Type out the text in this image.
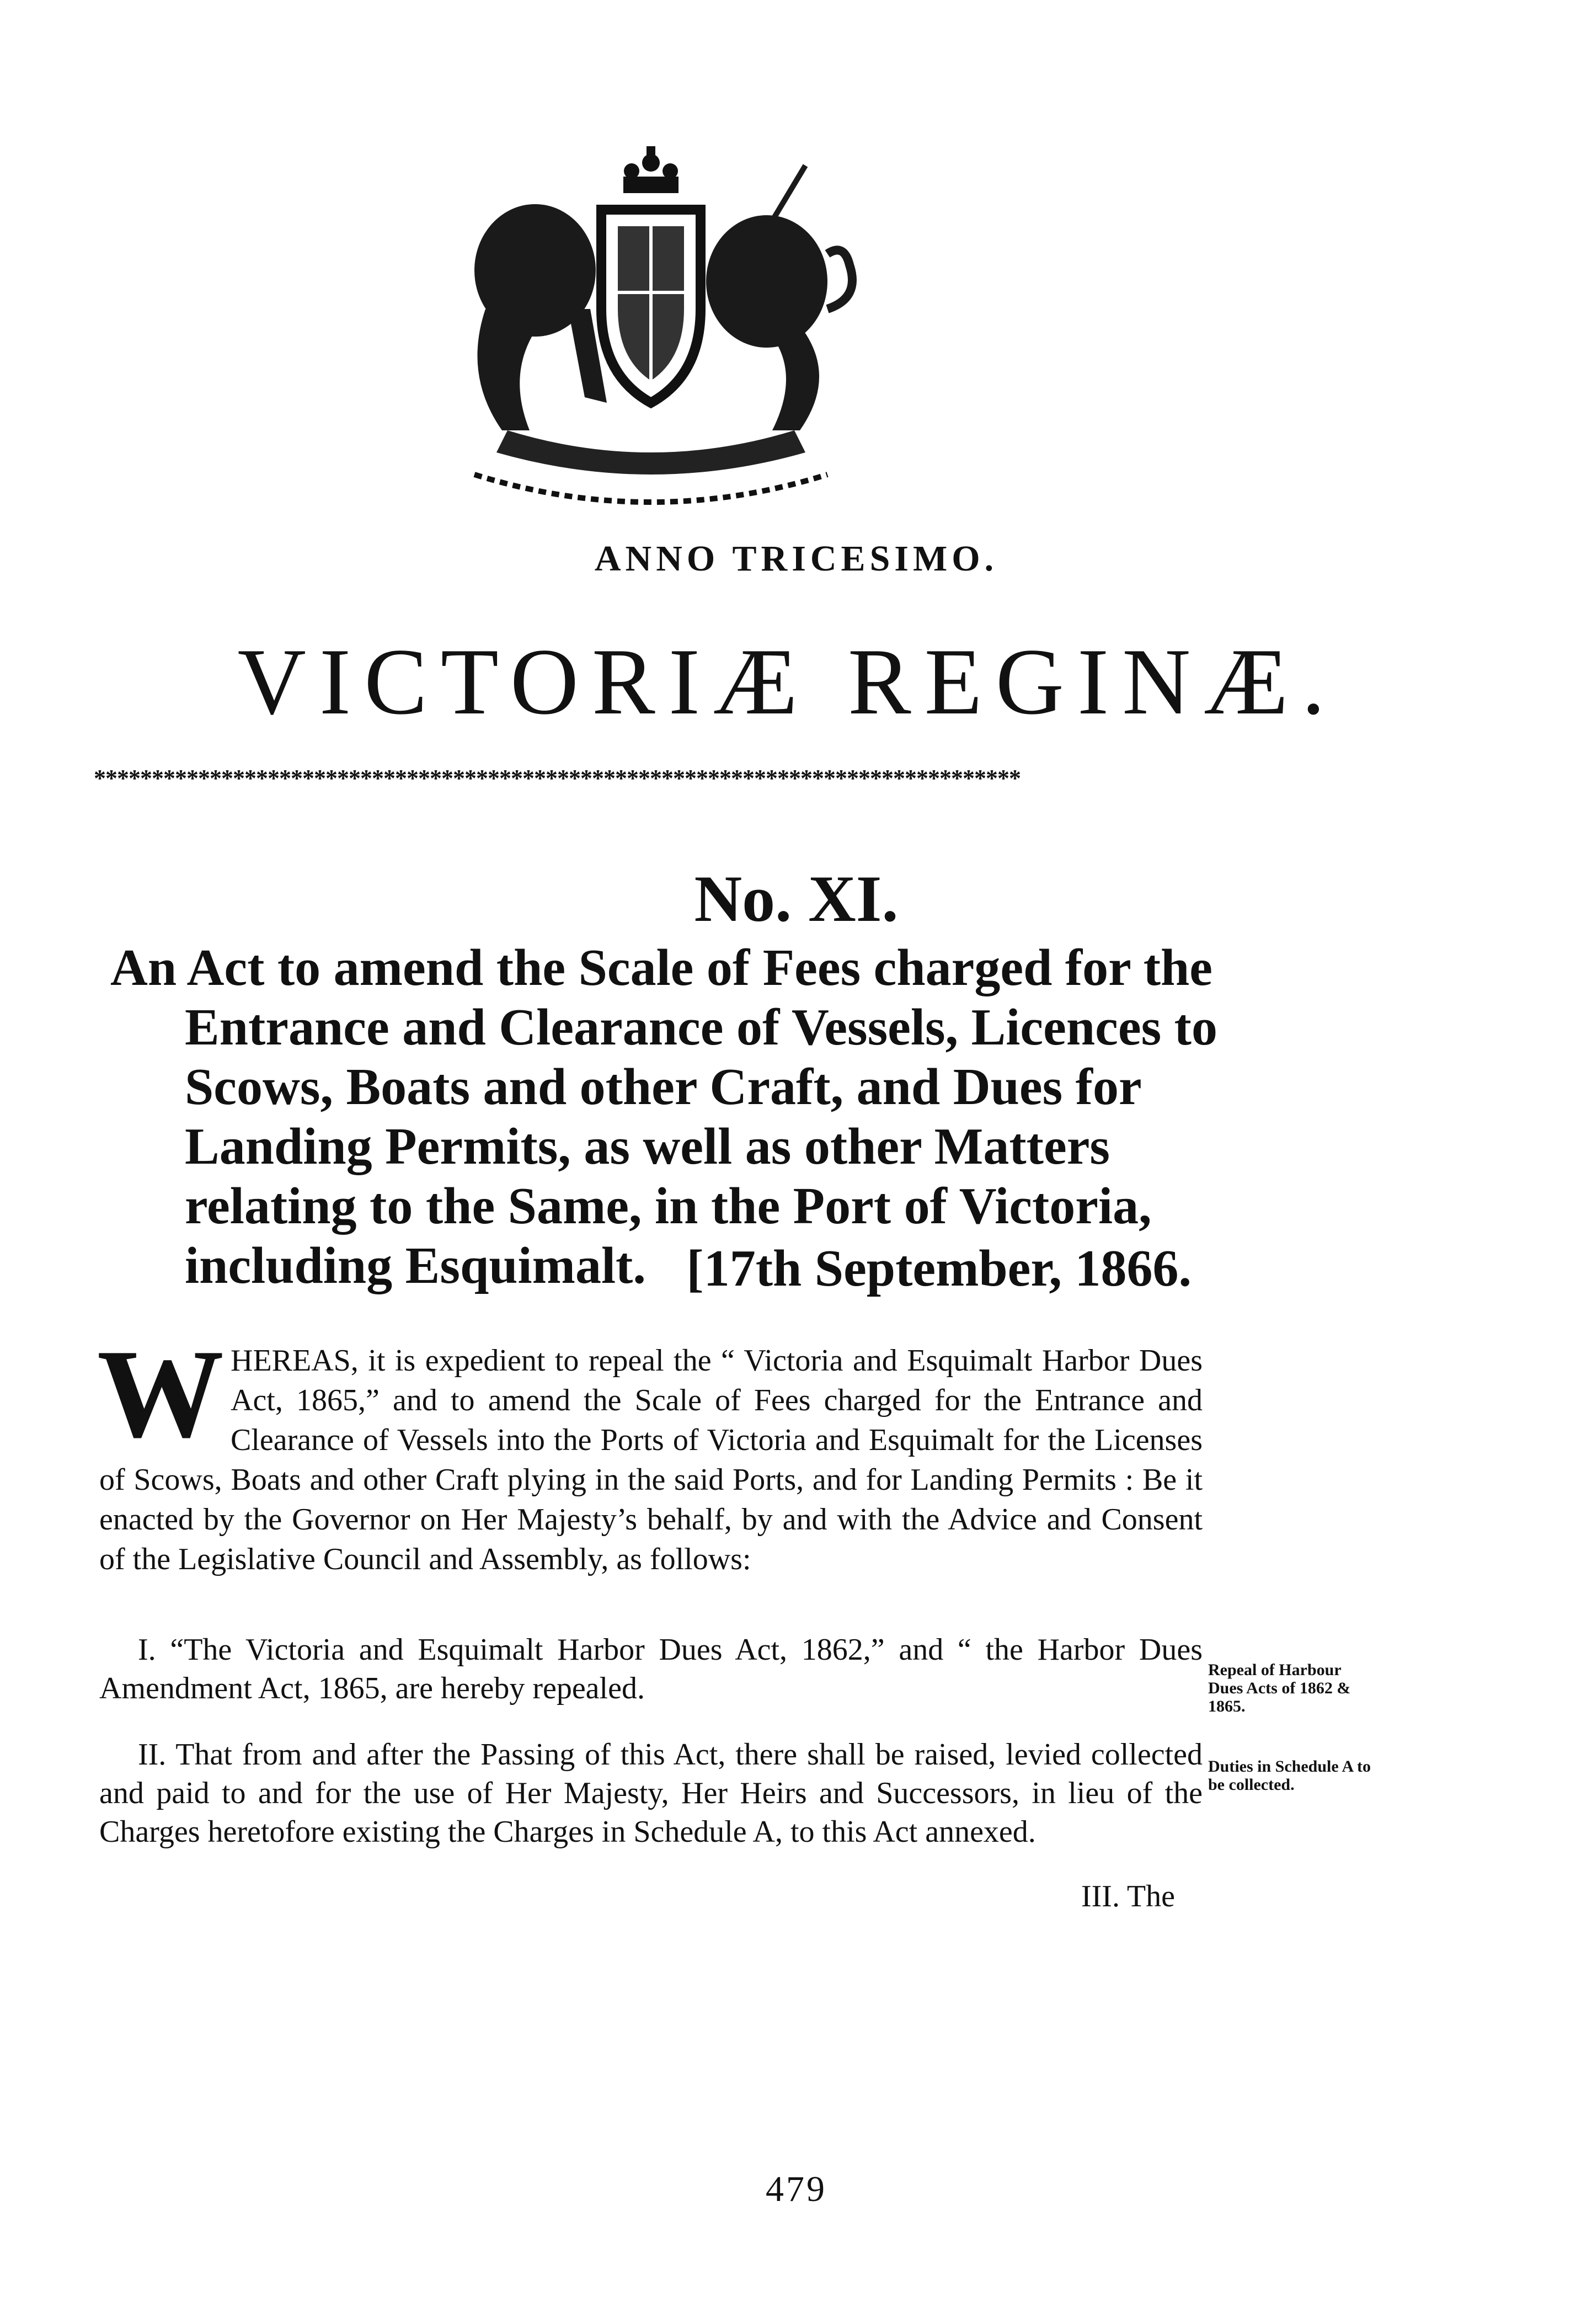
ANNO TRICESIMO.
VICTORIÆ REGINÆ.
********************************************************************************
No. XI.
An Act to amend the Scale of Fees charged for the Entrance and Clearance of Vessels, Licences to Scows, Boats and other Craft, and Dues for Landing Permits, as well as other Matters relating to the Same, in the Port of Victoria, including Esquimalt. [17th September, 1866.
W HEREAS, it is expedient to repeal the “ Victoria and Esquimalt Harbor Dues Act, 1865,” and to amend the Scale of Fees charged for the Entrance and Clearance of Vessels into the Ports of Victoria and Esquimalt for the Licenses of Scows, Boats and other Craft plying in the said Ports, and for Landing Permits : Be it enacted by the Governor on Her Majesty’s behalf, by and with the Advice and Consent of the Legislative Council and Assembly, as follows:
I. “The Victoria and Esquimalt Harbor Dues Act, 1862,” and “ the Harbor Dues Amendment Act, 1865, are hereby repealed.
Repeal of Harbour Dues Acts of 1862 & 1865.
II. That from and after the Passing of this Act, there shall be raised, levied collected and paid to and for the use of Her Majesty, Her Heirs and Successors, in lieu of the Charges heretofore existing the Charges in Schedule A, to this Act annexed.
Duties in Schedule A to be collected.
III. The
479
